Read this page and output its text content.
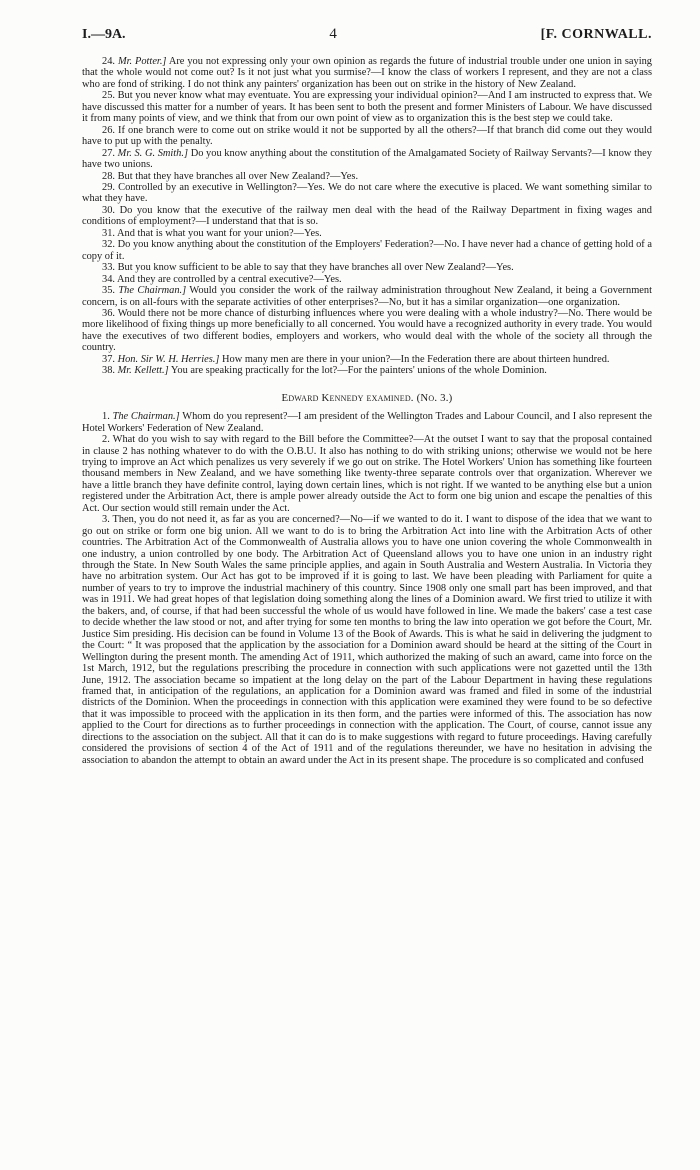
I.—9A.	4	[F. CORNWALL.

24. Mr. Potter.] Are you not expressing only your own opinion as regards the future of industrial trouble under one union in saying that the whole would not come out? Is it not just what you surmise?—I know the class of workers I represent, and they are not a class who are fond of striking. I do not think any painters' organization has been out on strike in the history of New Zealand.

25. But you never know what may eventuate. You are expressing your individual opinion?—And I am instructed to express that. We have discussed this matter for a number of years. It has been sent to both the present and former Ministers of Labour. We have discussed it from many points of view, and we think that from our own point of view as to organization this is the best step we could take.

26. If one branch were to come out on strike would it not be supported by all the others?—If that branch did come out they would have to put up with the penalty.

27. Mr. S. G. Smith.] Do you know anything about the constitution of the Amalgamated Society of Railway Servants?—I know they have two unions.

28. But that they have branches all over New Zealand?—Yes.

29. Controlled by an executive in Wellington?—Yes. We do not care where the executive is placed. We want something similar to what they have.

30. Do you know that the executive of the railway men deal with the head of the Railway Department in fixing wages and conditions of employment?—I understand that that is so.

31. And that is what you want for your union?—Yes.

32. Do you know anything about the constitution of the Employers' Federation?—No. I have never had a chance of getting hold of a copy of it.

33. But you know sufficient to be able to say that they have branches all over New Zealand?—Yes.

34. And they are controlled by a central executive?—Yes.

35. The Chairman.] Would you consider the work of the railway administration throughout New Zealand, it being a Government concern, is on all-fours with the separate activities of other enterprises?—No, but it has a similar organization—one organization.

36. Would there not be more chance of disturbing influences where you were dealing with a whole industry?—No. There would be more likelihood of fixing things up more beneficially to all concerned. You would have a recognized authority in every trade. You would have the executives of two different bodies, employers and workers, who would deal with the whole of the society all through the country.

37. Hon. Sir W. H. Herries.] How many men are there in your union?—In the Federation there are about thirteen hundred.

38. Mr. Kellett.] You are speaking practically for the lot?—For the painters' unions of the whole Dominion.

Edward Kennedy examined. (No. 3.)

1. The Chairman.] Whom do you represent?—I am president of the Wellington Trades and Labour Council, and I also represent the Hotel Workers' Federation of New Zealand.

2. What do you wish to say with regard to the Bill before the Committee?—At the outset I want to say that the proposal contained in clause 2 has nothing whatever to do with the O.B.U. It also has nothing to do with striking unions; otherwise we would not be here trying to improve an Act which penalizes us very severely if we go out on strike. The Hotel Workers' Union has something like fourteen thousand members in New Zealand, and we have something like twenty-three separate controls over that organization. Wherever we have a little branch they have definite control, laying down certain lines, which is not right. If we wanted to be anything else but a union registered under the Arbitration Act, there is ample power already outside the Act to form one big union and escape the penalties of this Act. Our section would still remain under the Act.

3. Then, you do not need it, as far as you are concerned?—No—if we wanted to do it. I want to dispose of the idea that we want to go out on strike or form one big union. All we want to do is to bring the Arbitration Act into line with the Arbitration Acts of other countries. The Arbitration Act of the Commonwealth of Australia allows you to have one union covering the whole Commonwealth in one industry, a union controlled by one body. The Arbitration Act of Queensland allows you to have one union in an industry right through the State. In New South Wales the same principle applies, and again in South Australia and Western Australia. In Victoria they have no arbitration system. Our Act has got to be improved if it is going to last. We have been pleading with Parliament for quite a number of years to try to improve the industrial machinery of this country. Since 1908 only one small part has been improved, and that was in 1911. We had great hopes of that legislation doing something along the lines of a Dominion award. We first tried to utilize it with the bakers, and, of course, if that had been successful the whole of us would have followed in line. We made the bakers' case a test case to decide whether the law stood or not, and after trying for some ten months to bring the law into operation we got before the Court, Mr. Justice Sim presiding. His decision can be found in Volume 13 of the Book of Awards. This is what he said in delivering the judgment to the Court: “ It was proposed that the application by the association for a Dominion award should be heard at the sitting of the Court in Wellington during the present month. The amending Act of 1911, which authorized the making of such an award, came into force on the 1st March, 1912, but the regulations prescribing the procedure in connection with such applications were not gazetted until the 13th June, 1912. The association became so impatient at the long delay on the part of the Labour Department in having these regulations framed that, in anticipation of the regulations, an application for a Dominion award was framed and filed in some of the industrial districts of the Dominion. When the proceedings in connection with this application were examined they were found to be so defective that it was impossible to proceed with the application in its then form, and the parties were informed of this. The association has now applied to the Court for directions as to further proceedings in connection with the application. The Court, of course, cannot issue any directions to the association on the subject. All that it can do is to make suggestions with regard to future proceedings. Having carefully considered the provisions of section 4 of the Act of 1911 and of the regulations thereunder, we have no hesitation in advising the association to abandon the attempt to obtain an award under the Act in its present shape. The procedure is so complicated and confused
